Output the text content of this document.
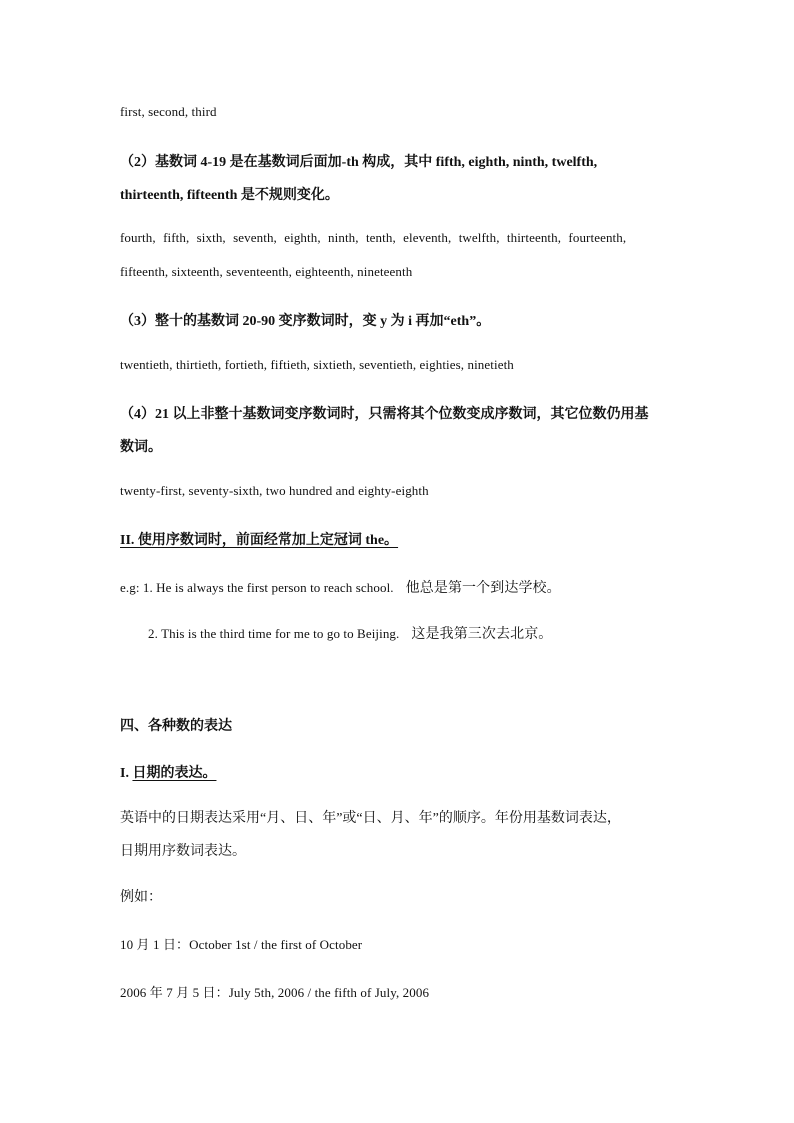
first, second, third
（2）基数词 4-19 是在基数词后面加-th 构成，其中 fifth, eighth, ninth, twelfth,
thirteenth, fifteenth 是不规则变化。
fourth, fifth, sixth, seventh, eighth, ninth, tenth, eleventh, twelfth, thirteenth, fourteenth,
fifteenth, sixteenth, seventeenth, eighteenth, nineteenth
（3）整十的基数词 20-90 变序数词时，变 y 为 i 再加“eth”。
twentieth, thirtieth, fortieth, fiftieth, sixtieth, seventieth, eighties, ninetieth
（4）21 以上非整十基数词变序数词时，只需将其个位数变成序数词，其它位数仍用基
数词。
twenty-first, seventy-sixth, two hundred and eighty-eighth
II. 使用序数词时，前面经常加上定冠词 the。
e.g: 1. He is always the first person to reach school. 他总是第一个到达学校。
2. This is the third time for me to go to Beijing. 这是我第三次去北京。
四、各种数的表达
I. 日期的表达。
英语中的日期表达采用“月、日、年”或“日、月、年”的顺序。年份用基数词表达，
日期用序数词表达。
例如：
10 月 1 日：October 1st / the first of October
2006 年 7 月 5 日：July 5th, 2006 / the fifth of July, 2006
